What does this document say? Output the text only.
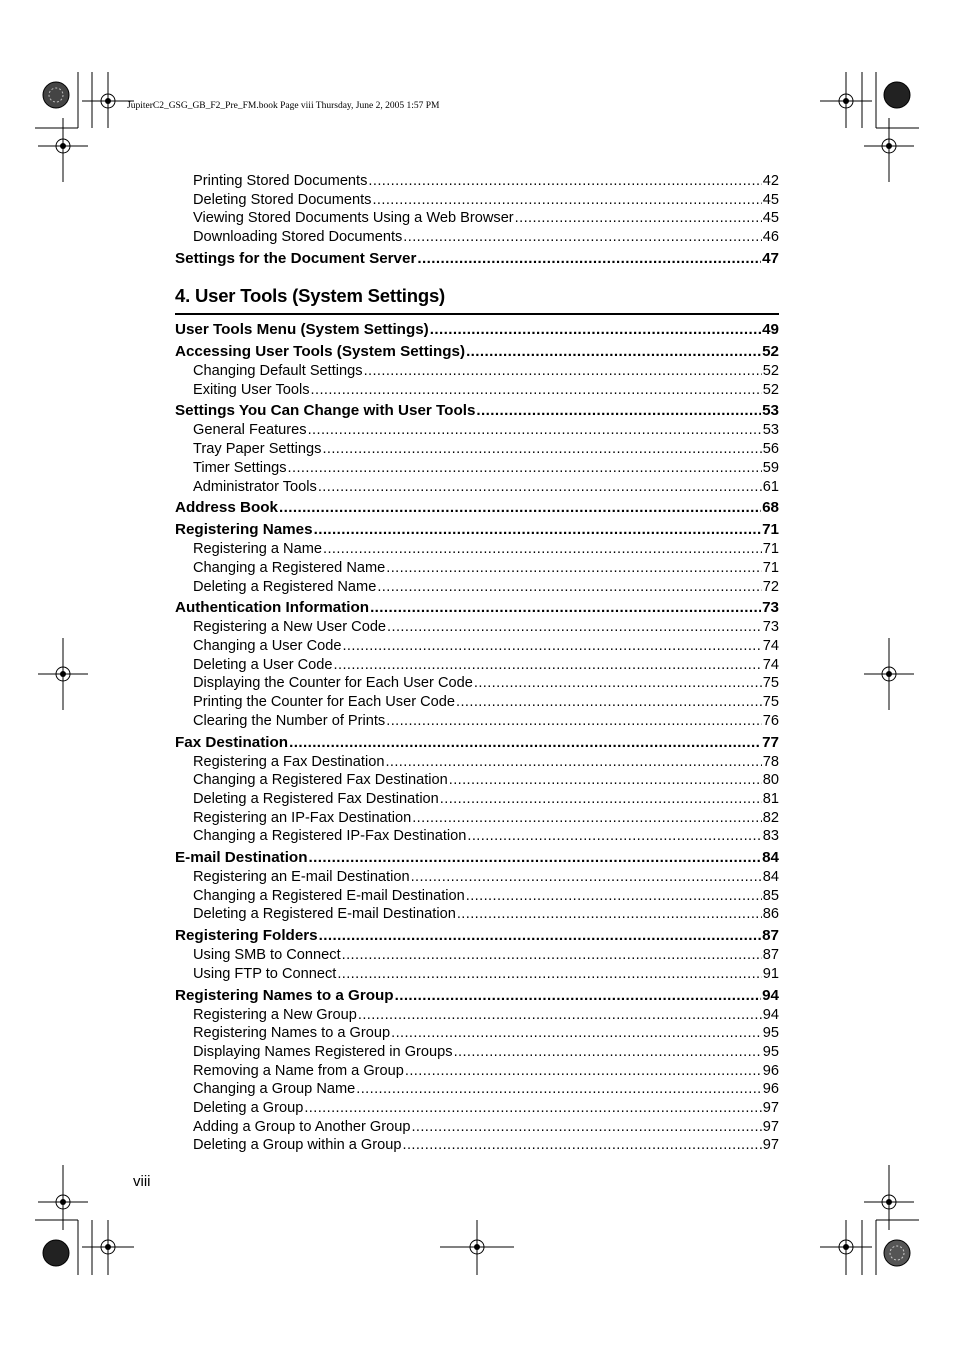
JupiterC2_GSG_GB_F2_Pre_FM.book Page viii Thursday, June 2, 2005 1:57 PM
Printing Stored Documents .....	42
Deleting Stored Documents .....	45
Viewing Stored Documents Using a Web Browser .....	45
Downloading Stored Documents .....	46
Settings for the Document Server .....	47
4. User Tools (System Settings)
User Tools Menu (System Settings) .....	49
Accessing User Tools (System Settings) .....	52
Changing Default Settings .....	52
Exiting User Tools .....	52
Settings You Can Change with User Tools .....	53
General Features .....	53
Tray Paper Settings .....	56
Timer Settings .....	59
Administrator Tools .....	61
Address Book .....	68
Registering Names .....	71
Registering a Name .....	71
Changing a Registered Name .....	71
Deleting a Registered Name .....	72
Authentication Information .....	73
Registering a New User Code .....	73
Changing a User Code .....	74
Deleting a User Code .....	74
Displaying the Counter for Each User Code .....	75
Printing the Counter for Each User Code .....	75
Clearing the Number of Prints .....	76
Fax Destination .....	77
Registering a Fax Destination .....	78
Changing a Registered Fax Destination .....	80
Deleting a Registered Fax Destination .....	81
Registering an IP-Fax Destination .....	82
Changing a Registered IP-Fax Destination .....	83
E-mail Destination .....	84
Registering an E-mail Destination .....	84
Changing a Registered E-mail Destination .....	85
Deleting a Registered E-mail Destination .....	86
Registering Folders .....	87
Using SMB to Connect .....	87
Using FTP to Connect .....	91
Registering Names to a Group .....	94
Registering a New Group .....	94
Registering Names to a Group .....	95
Displaying Names Registered in Groups .....	95
Removing a Name from a Group .....	96
Changing a Group Name .....	96
Deleting a Group .....	97
Adding a Group to Another Group .....	97
Deleting a Group within a Group .....	97
viii
